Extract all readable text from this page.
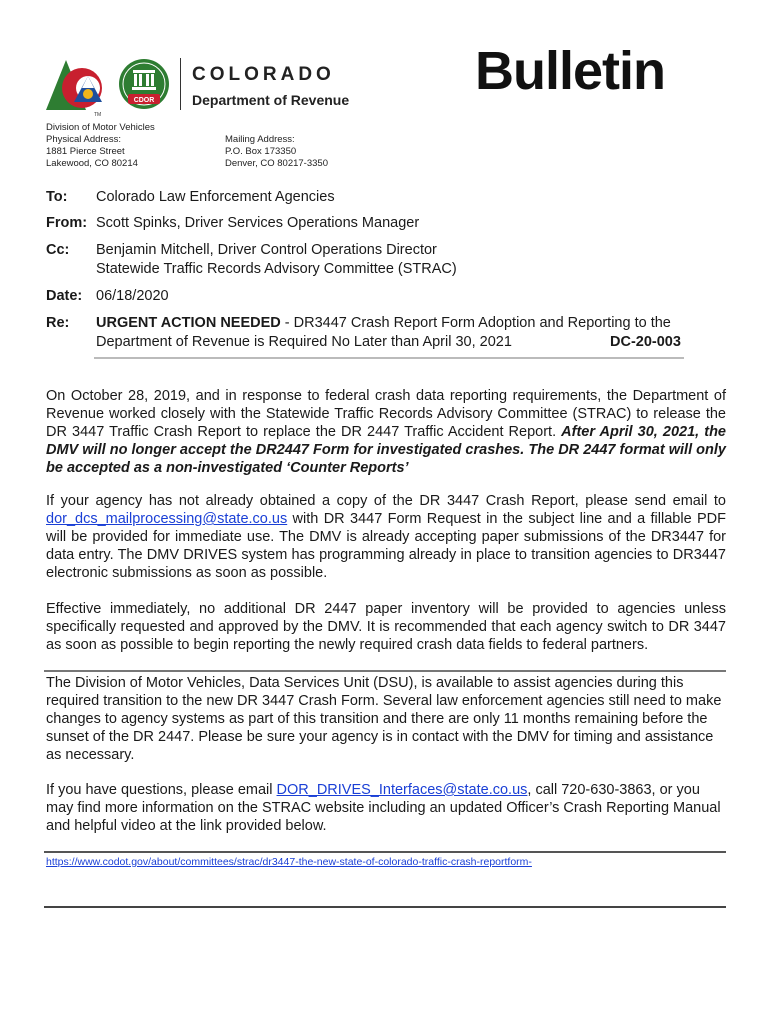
TM
CDOR
COLORADO
Department of Revenue Bulletin
Division of Motor Vehicles
Physical Address:
1881 Pierce Street
Lakewood, CO 80214
Mailing Address:
P.O. Box 173350
Denver, CO 80217-3350
To: Colorado Law Enforcement Agencies
From: Scott Spinks, Driver Services Operations Manager
Cc: Benjamin Mitchell, Driver Control Operations Director
Statewide Traffic Records Advisory Committee (STRAC)
Date: 06/18/2020
Re: URGENT ACTION NEEDED - DR3447 Crash Report Form Adoption and Reporting to the
Department of Revenue is Required No Later than April 30, 2021	DC-20-003

On October 28, 2019, and in response to federal crash data reporting requirements, the Department of Revenue worked closely with the Statewide Traffic Records Advisory Committee (STRAC) to release the DR 3447 Traffic Crash Report to replace the DR 2447 Traffic Accident Report. After April 30, 2021, the DMV will no longer accept the DR2447 Form for investigated crashes. The DR 2447 format will only be accepted as a non-investigated ‘Counter Reports’

If your agency has not already obtained a copy of the DR 3447 Crash Report, please send email to dor_dcs_mailprocessing@state.co.us with DR 3447 Form Request in the subject line and a fillable PDF will be provided for immediate use. The DMV is already accepting paper submissions of the DR3447 for data entry. The DMV DRIVES system has programming already in place to transition agencies to DR3447 electronic submissions as soon as possible.

Effective immediately, no additional DR 2447 paper inventory will be provided to agencies unless specifically requested and approved by the DMV. It is recommended that each agency switch to DR 3447 as soon as possible to begin reporting the newly required crash data fields to federal partners.

The Division of Motor Vehicles, Data Services Unit (DSU), is available to assist agencies during this required transition to the new DR 3447 Crash Form. Several law enforcement agencies still need to make changes to agency systems as part of this transition and there are only 11 months remaining before the sunset of the DR 2447. Please be sure your agency is in contact with the DMV for timing and assistance as necessary.

If you have questions, please email DOR_DRIVES_Interfaces@state.co.us, call 720-630-3863, or you may find more information on the STRAC website including an updated Officer’s Crash Reporting Manual and helpful video at the link provided below.

https://www.codot.gov/about/committees/strac/dr3447-the-new-state-of-colorado-traffic-crash-reportform-
